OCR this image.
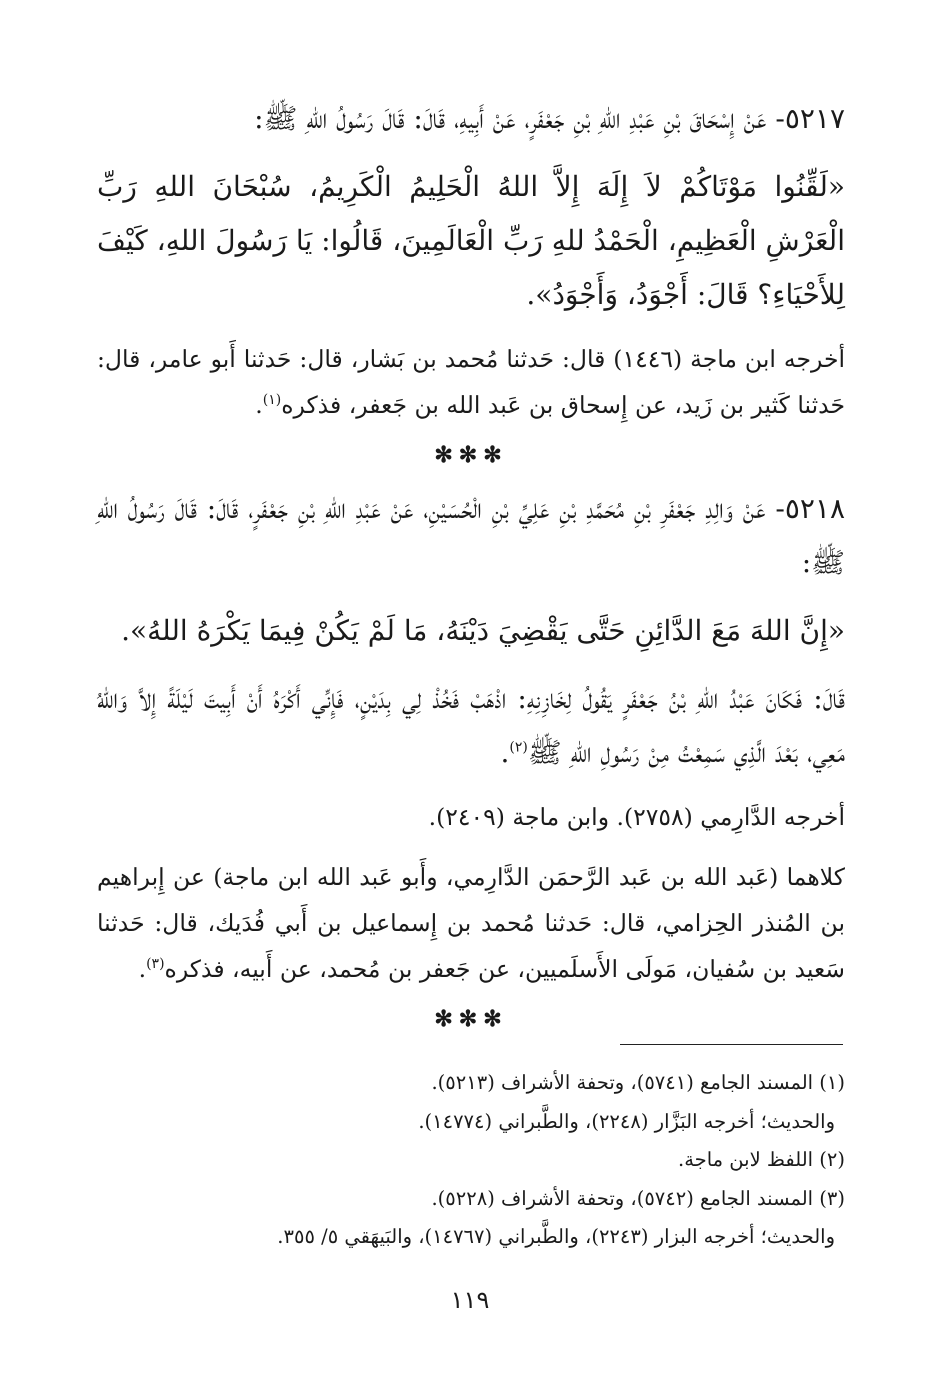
٥٢١٧- عَنْ إِسْحَاقَ بْنِ عَبْدِ اللهِ بْنِ جَعْفَرٍ، عَنْ أَبِيهِ، قَالَ: قَالَ رَسُولُ اللهِ ﷺ:

«لَقِّنُوا مَوْتَاكُمْ لاَ إِلَهَ إِلاَّ اللهُ الْحَلِيمُ الْكَرِيمُ، سُبْحَانَ اللهِ رَبِّ الْعَرْشِ الْعَظِيمِ، الْحَمْدُ للهِ رَبِّ الْعَالَمِينَ، قَالُوا: يَا رَسُولَ اللهِ، كَيْفَ لِلأَحْيَاءِ؟ قَالَ: أَجْوَدُ، وَأَجْوَدُ».

أخرجه ابن ماجة (١٤٤٦) قال: حَدثنا مُحمد بن بَشار، قال: حَدثنا أَبو عامر، قال: حَدثنا كَثير بن زَيد، عن إِسحاق بن عَبد الله بن جَعفر، فذكره$^{(١)}$.

✻✻✻

٥٢١٨- عَنْ وَالِدِ جَعْفَرِ بْنِ مُحَمَّدِ بْنِ عَلِيِّ بْنِ الْحُسَيْنِ، عَنْ عَبْدِ اللهِ بْنِ جَعْفَرٍ، قَالَ: قَالَ رَسُولُ اللهِ ﷺ:

«إِنَّ اللهَ مَعَ الدَّائِنِ حَتَّى يَقْضِيَ دَيْنَهُ، مَا لَمْ يَكُنْ فِيمَا يَكْرَهُ اللهُ».

قَالَ: فَكَانَ عَبْدُ اللهِ بْنُ جَعْفَرٍ يَقُولُ لِخَازِنِهِ: اذْهَبْ فَخُذْ لِي بِدَيْنٍ، فَإِنِّي أَكْرَهُ أَنْ أَبِيتَ لَيْلَةً إِلاَّ وَاللهُ مَعِي، بَعْدَ الَّذِي سَمِعْتُ مِنْ رَسُولِ اللهِ ﷺ$^{(٢)}$.

أخرجه الدَّارِمي (٢٧٥٨). وابن ماجة (٢٤٠٩).

كلاهما (عَبد الله بن عَبد الرَّحمَن الدَّارِمي، وأَبو عَبد الله ابن ماجة) عن إِبراهيم بن المُنذر الحِزامي، قال: حَدثنا مُحمد بن إِسماعيل بن أَبي فُدَيك، قال: حَدثنا سَعيد بن سُفيان، مَولَى الأَسلَميين، عن جَعفر بن مُحمد، عن أَبيه، فذكره$^{(٣)}$.

✻✻✻
(١) المسند الجامع (٥٧٤١)، وتحفة الأشراف (٥٢١٣).
والحديث؛ أخرجه البَزَّار (٢٢٤٨)، والطَّبراني (١٤٧٧٤).
(٢) اللفظ لابن ماجة.
(٣) المسند الجامع (٥٧٤٢)، وتحفة الأشراف (٥٢٢٨).
والحديث؛ أخرجه البزار (٢٢٤٣)، والطَّبراني (١٤٧٦٧)، والبَيهَقي ٥/ ٣٥٥.
١١٩
